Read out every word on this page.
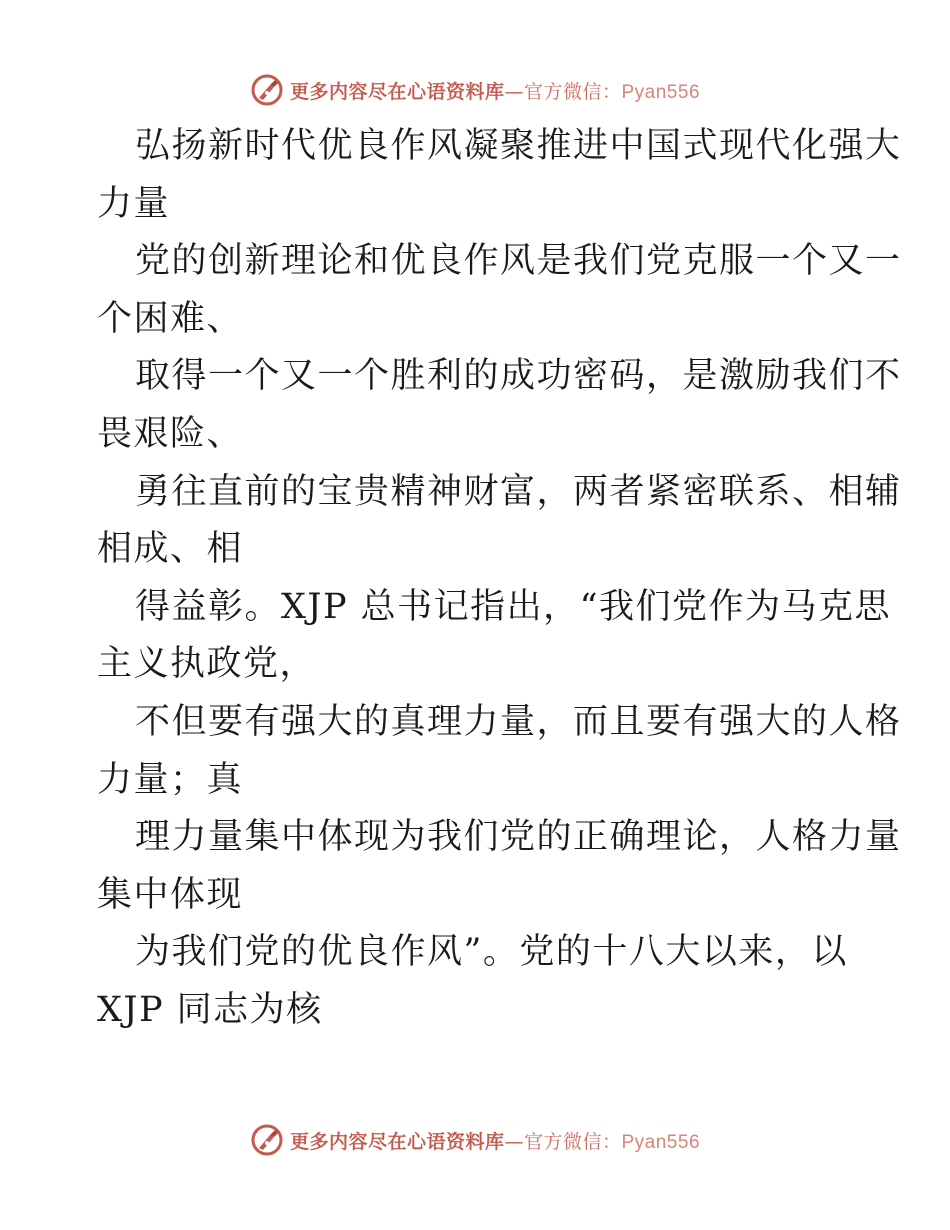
更多内容尽在心语资料库—官方微信：Pyan556
弘扬新时代优良作风凝聚推进中国式现代化强大
力量
党的创新理论和优良作风是我们党克服一个又一
个困难、
取得一个又一个胜利的成功密码，是激励我们不
畏艰险、
勇往直前的宝贵精神财富，两者紧密联系、相辅
相成、相
得益彰。XJP 总书记指出，“我们党作为马克思
主义执政党，
不但要有强大的真理力量，而且要有强大的人格
力量；真
理力量集中体现为我们党的正确理论，人格力量
集中体现
为我们党的优良作风”。党的十八大以来，以
XJP 同志为核
更多内容尽在心语资料库—官方微信：Pyan556
